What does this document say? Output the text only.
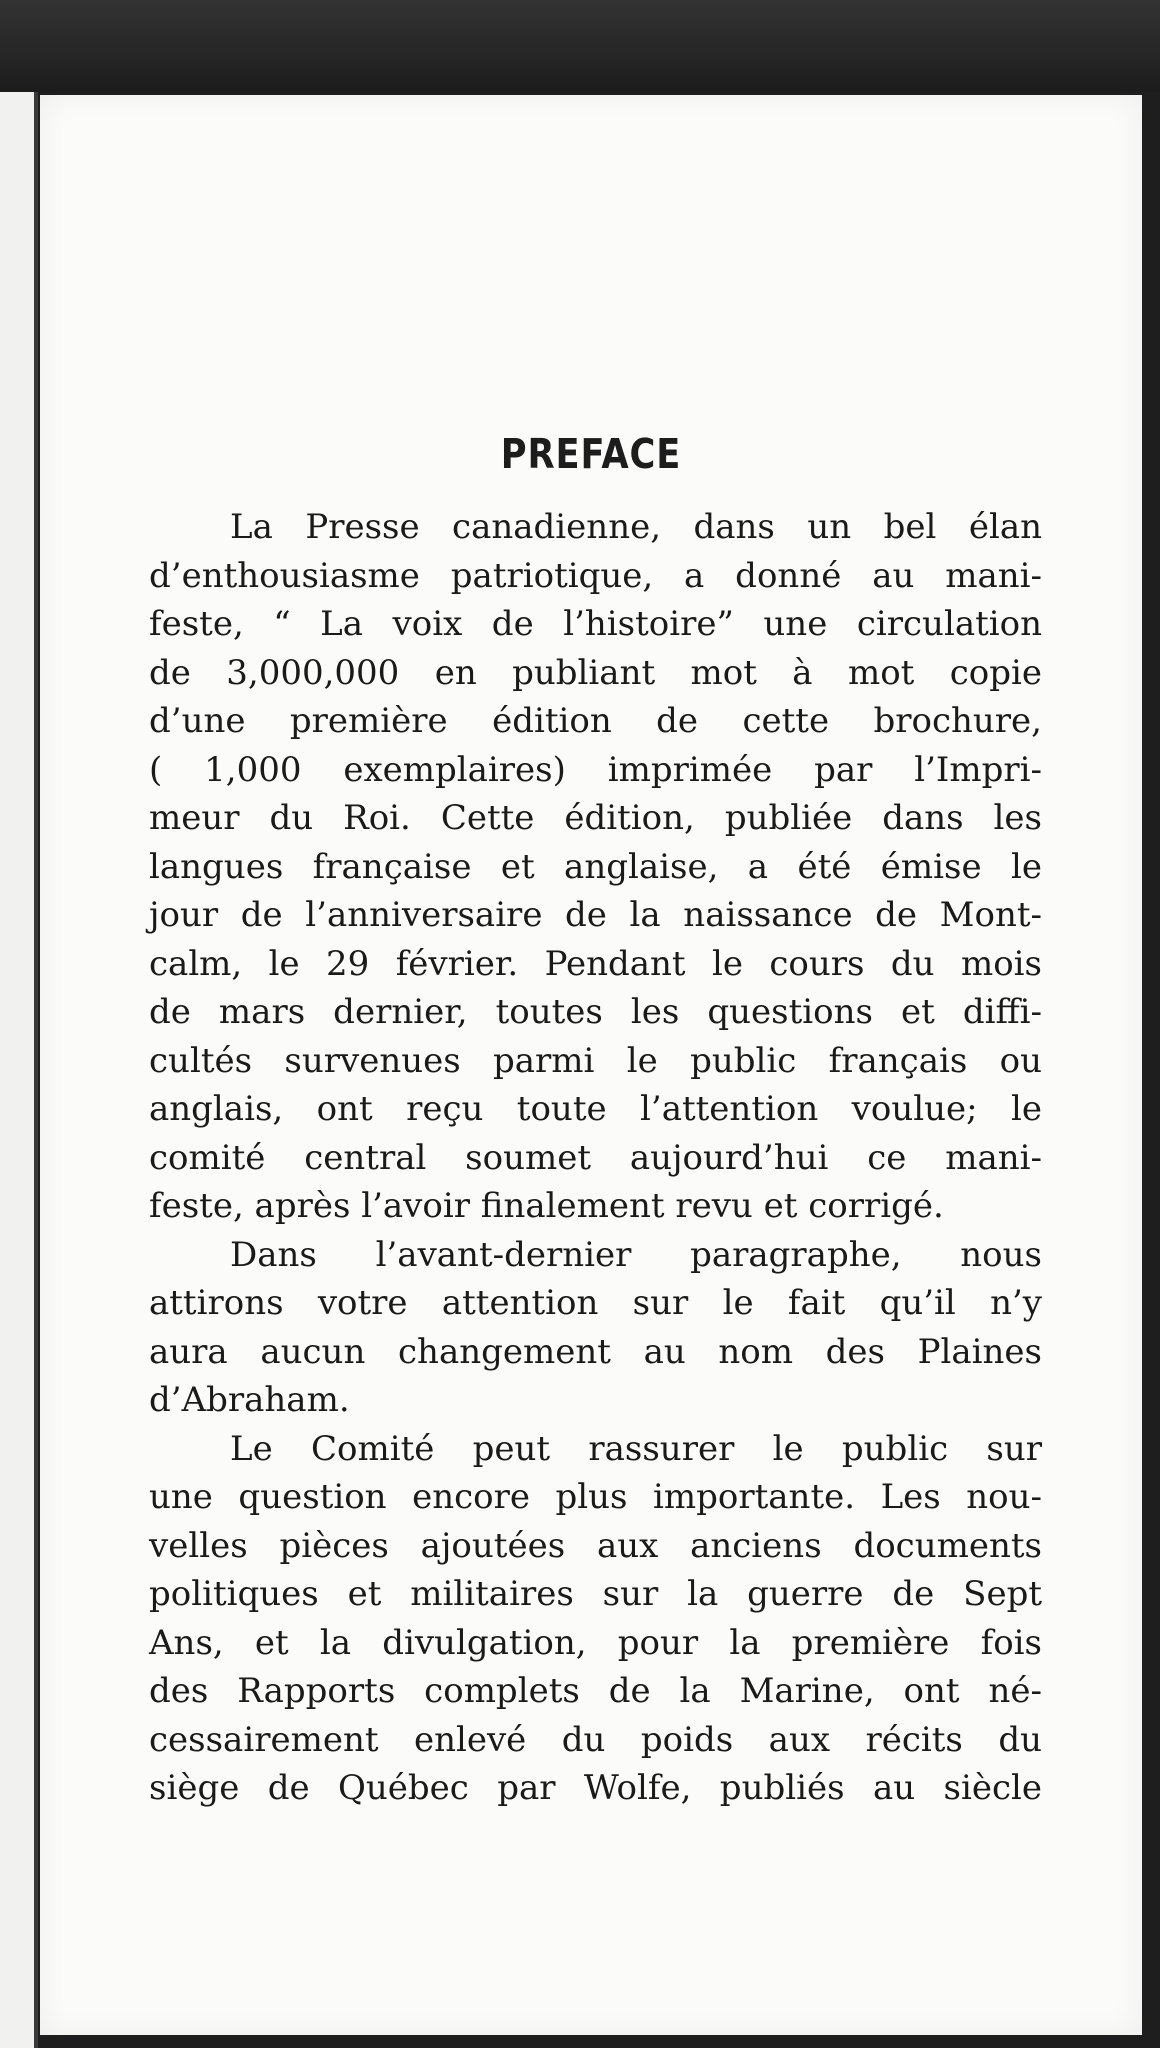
PREFACE
La Presse canadienne, dans un bel élan
d’enthousiasme patriotique, a donné au mani-
feste, “ La voix de l’histoire” une circulation
de 3,000,000 en publiant mot à mot copie
d’une première édition de cette brochure,
( 1,000 exemplaires) imprimée par l’Impri-
meur du Roi. Cette édition, publiée dans les
langues française et anglaise, a été émise le
jour de l’anniversaire de la naissance de Mont-
calm, le 29 février. Pendant le cours du mois
de mars dernier, toutes les questions et diffi-
cultés survenues parmi le public français ou
anglais, ont reçu toute l’attention voulue; le
comité central soumet aujourd’hui ce mani-
feste, après l’avoir finalement revu et corrigé.
Dans l’avant-dernier paragraphe, nous
attirons votre attention sur le fait qu’il n’y
aura aucun changement au nom des Plaines
d’Abraham.
Le Comité peut rassurer le public sur
une question encore plus importante. Les nou-
velles pièces ajoutées aux anciens documents
politiques et militaires sur la guerre de Sept
Ans, et la divulgation, pour la première fois
des Rapports complets de la Marine, ont né-
cessairement enlevé du poids aux récits du
siège de Québec par Wolfe, publiés au siècle
